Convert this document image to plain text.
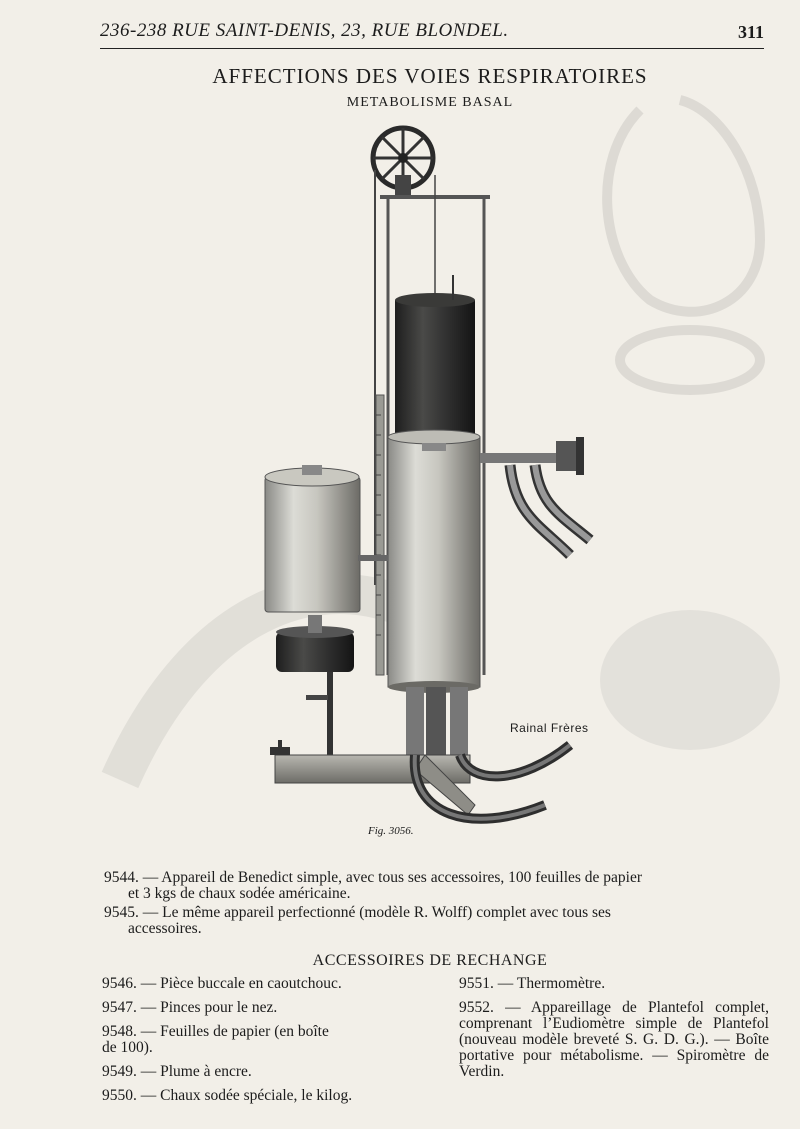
236-238 RUE SAINT-DENIS, 23, RUE BLONDEL.	311
AFFECTIONS DES VOIES RESPIRATOIRES
METABOLISME BASAL
Rainal Frères
Fig. 3056.
9544. — Appareil de Benedict simple, avec tous ses accessoires, 100 feuilles de papier
et 3 kgs de chaux sodée américaine.
9545. — Le même appareil perfectionné (modèle R. Wolff) complet avec tous ses
accessoires.
ACCESSOIRES DE RECHANGE
9546. — Pièce buccale en caoutchouc.
9547. — Pinces pour le nez.
9548. — Feuilles de papier (en boîte
de 100).
9549. — Plume à encre.
9550. — Chaux sodée spéciale, le kilog.
9551. — Thermomètre.
9552. — Appareillage de Plantefol complet, comprenant l’Eudiomètre simple de Plantefol (nouveau modèle breveté S. G. D. G.). — Boîte portative pour métabolisme. — Spiromètre de Verdin.
